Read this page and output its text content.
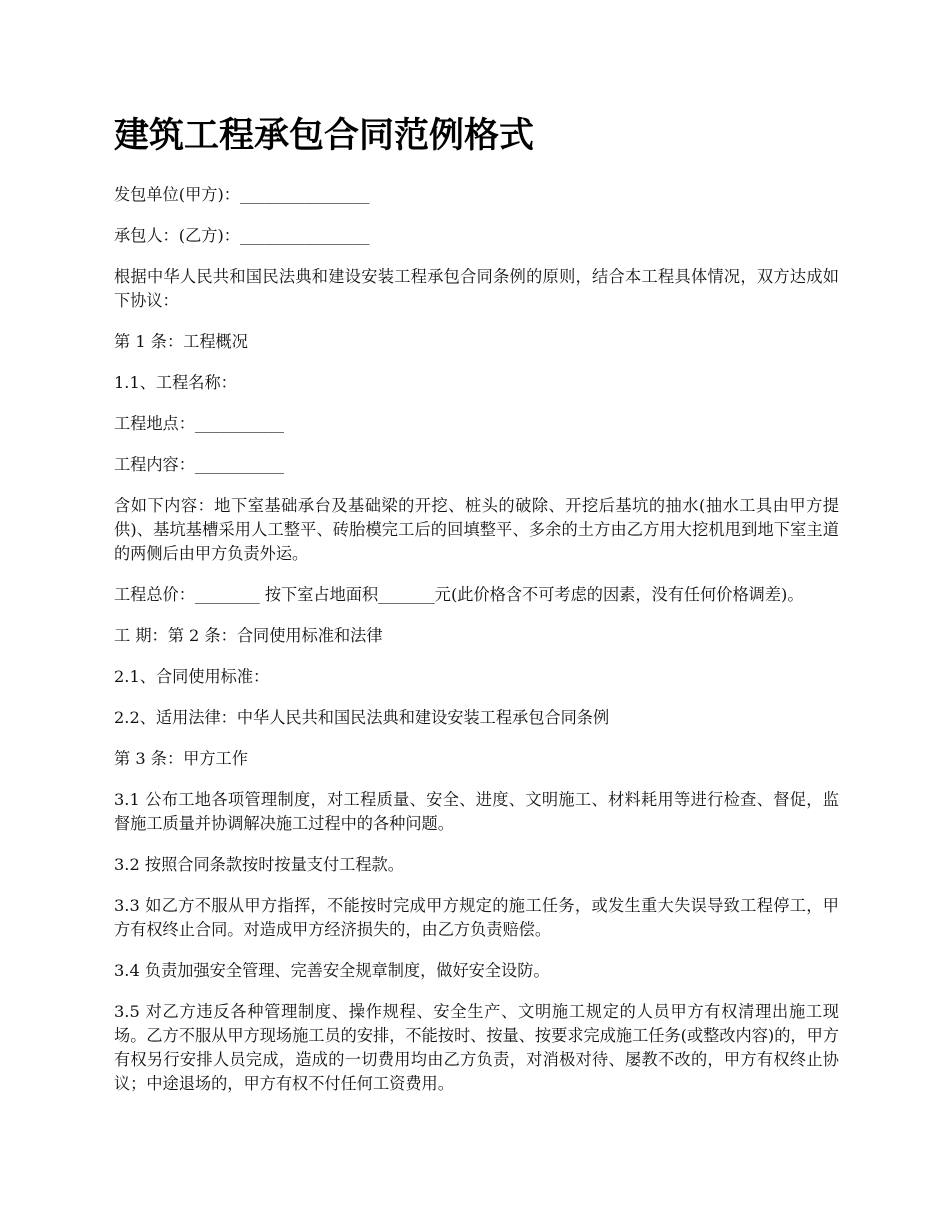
建筑工程承包合同范例格式

发包单位(甲方)：________________

承包人：(乙方)：________________

根据中华人民共和国民法典和建设安装工程承包合同条例的原则，结合本工程具体情况，双方达成如下协议：

第 1 条：工程概况

1.1、工程名称：

工程地点：___________

工程内容：___________

含如下内容：地下室基础承台及基础梁的开挖、桩头的破除、开挖后基坑的抽水(抽水工具由甲方提供)、基坑基槽采用人工整平、砖胎模完工后的回填整平、多余的土方由乙方用大挖机甩到地下室主道的两侧后由甲方负责外运。

工程总价：________ 按下室占地面积_______元(此价格含不可考虑的因素，没有任何价格调差)。

工 期：第 2 条：合同使用标准和法律

2.1、合同使用标准：

2.2、适用法律：中华人民共和国民法典和建设安装工程承包合同条例

第 3 条：甲方工作

3.1 公布工地各项管理制度，对工程质量、安全、进度、文明施工、材料耗用等进行检查、督促，监督施工质量并协调解决施工过程中的各种问题。

3.2 按照合同条款按时按量支付工程款。

3.3 如乙方不服从甲方指挥，不能按时完成甲方规定的施工任务，或发生重大失误导致工程停工，甲方有权终止合同。对造成甲方经济损失的，由乙方负责赔偿。

3.4 负责加强安全管理、完善安全规章制度，做好安全设防。

3.5 对乙方违反各种管理制度、操作规程、安全生产、文明施工规定的人员甲方有权清理出施工现场。乙方不服从甲方现场施工员的安排，不能按时、按量、按要求完成施工任务(或整改内容)的，甲方有权另行安排人员完成，造成的一切费用均由乙方负责，对消极对待、屡教不改的，甲方有权终止协议；中途退场的，甲方有权不付任何工资费用。
